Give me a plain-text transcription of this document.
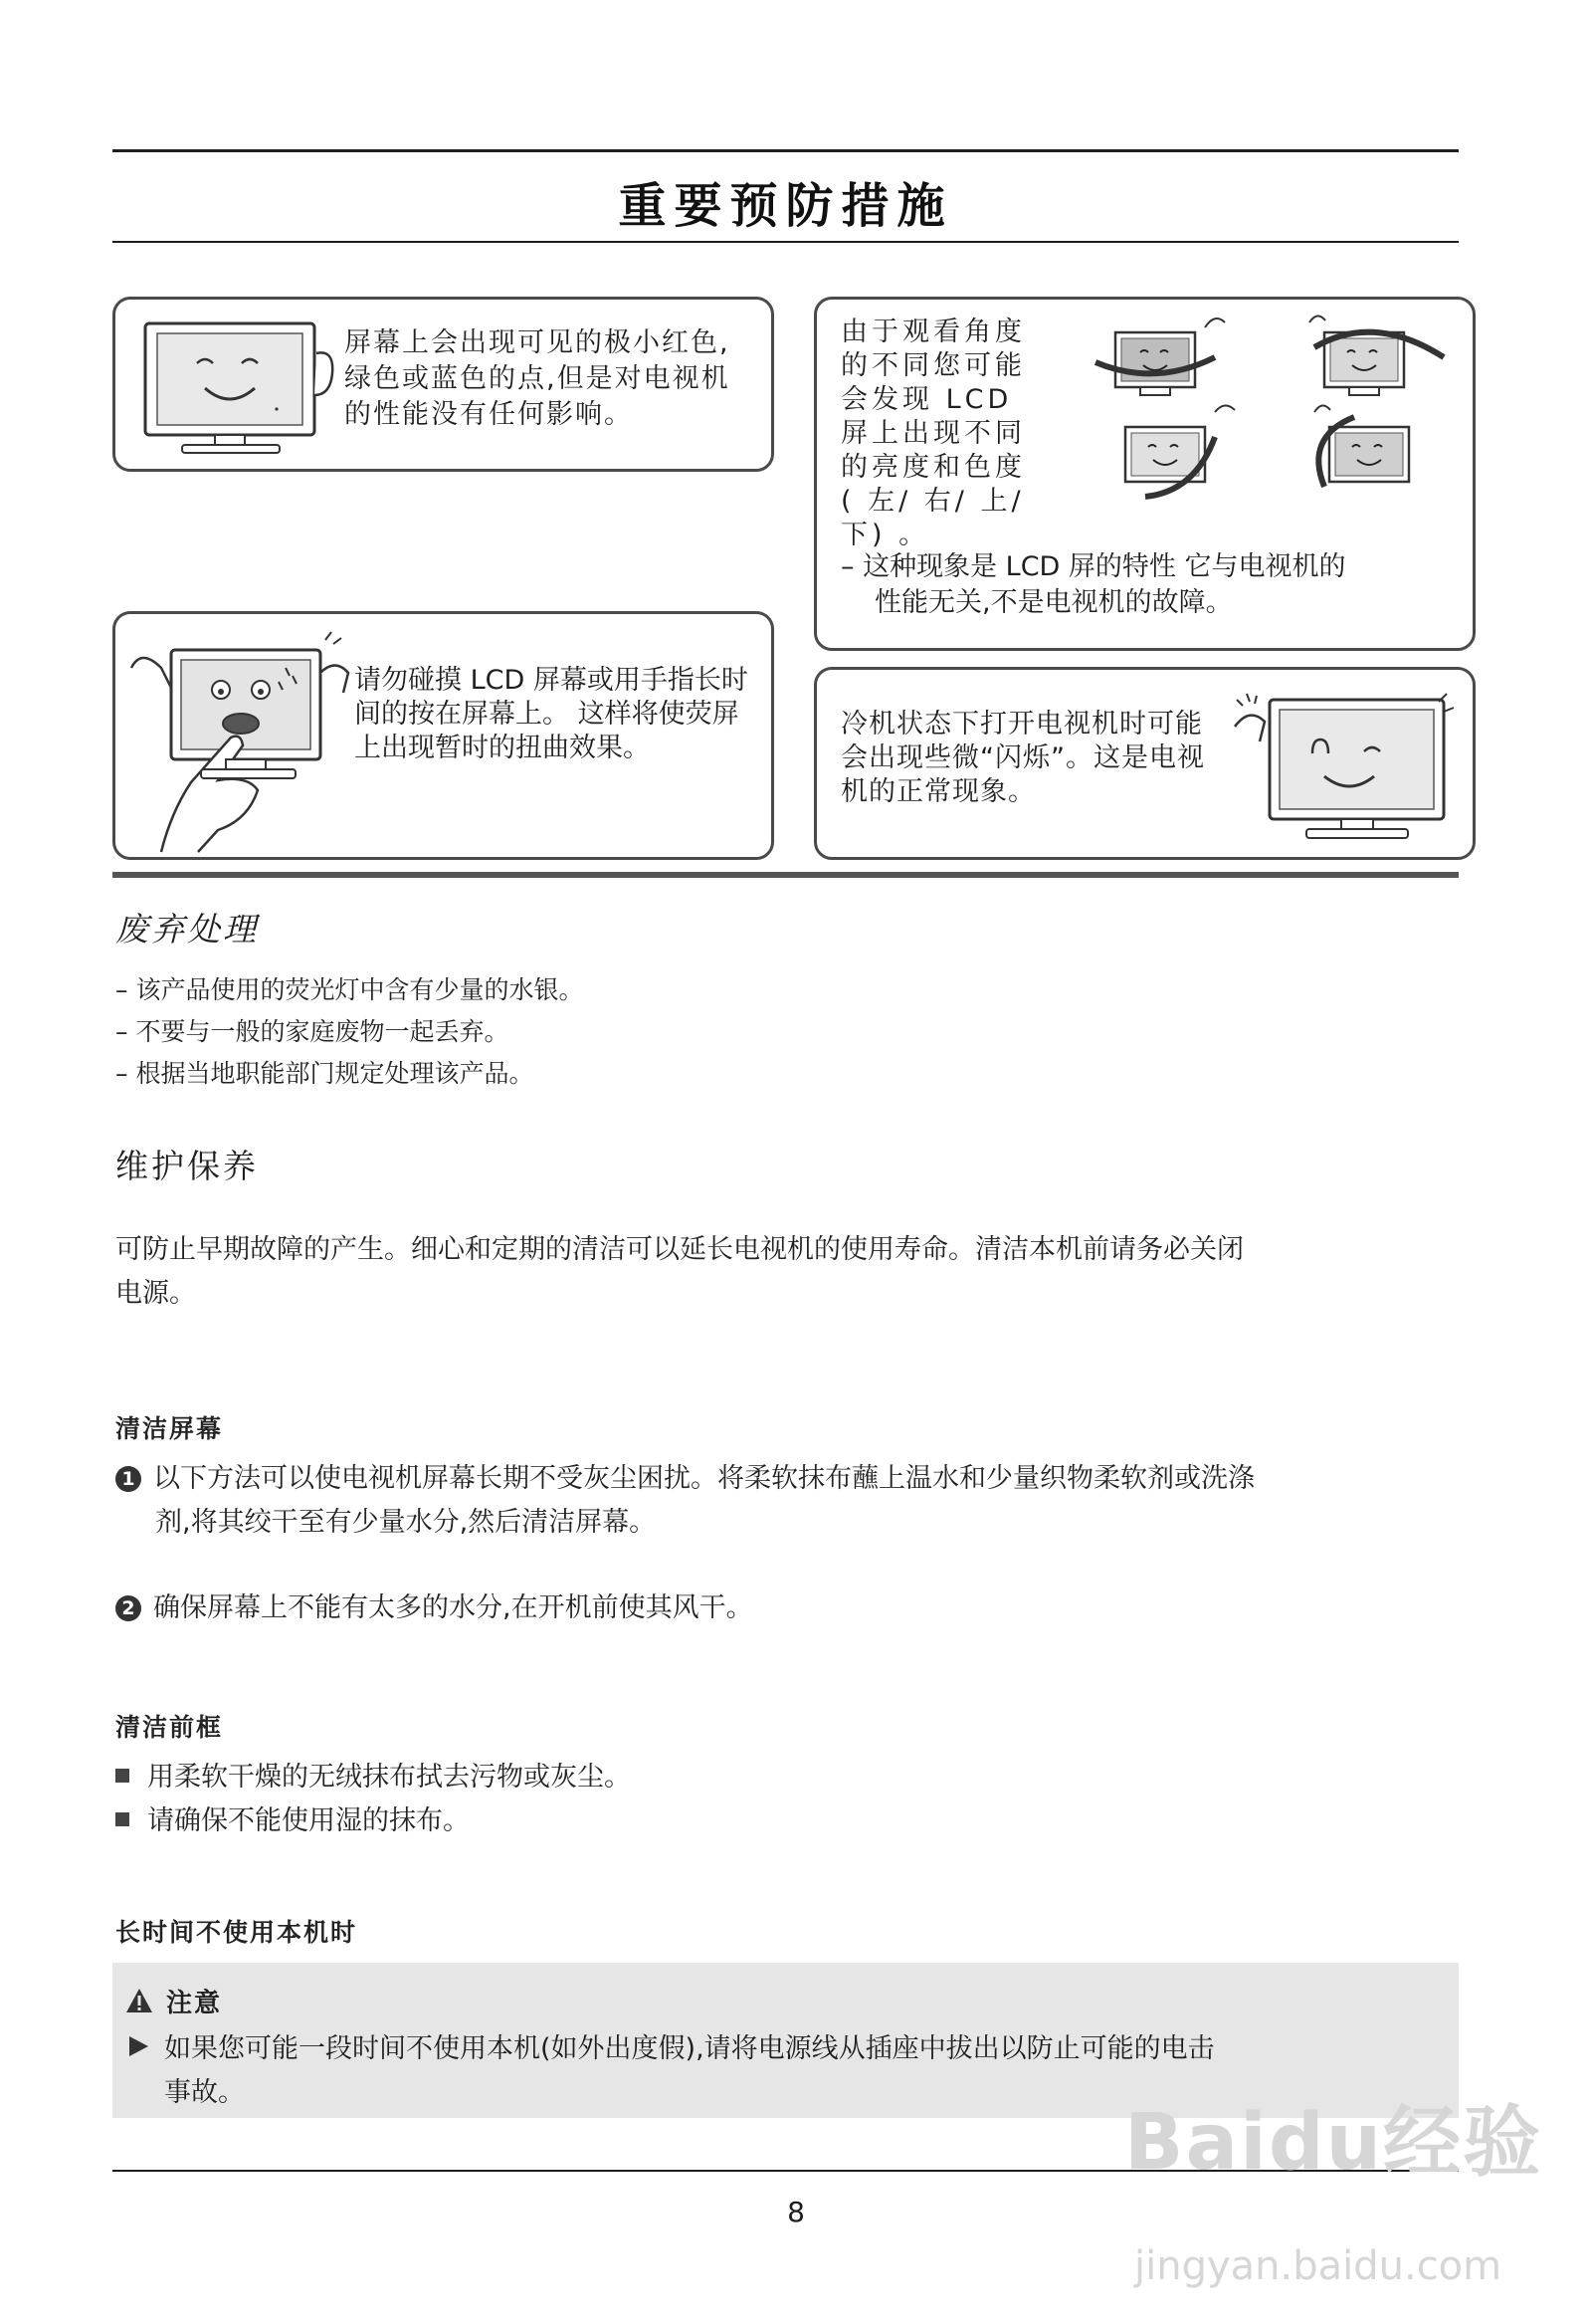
重要预防措施
屏幕上会出现可见的极小红色,绿色或蓝色的点,但是对电视机的性能没有任何影响。
由于观看角度
的不同您可能
会发现 LCD
屏上出现不同
的亮度和色度
( 左/ 右/ 上/
下) 。
– 这种现象是 LCD 屏的特性 它与电视机的
性能无关,不是电视机的故障。
请勿碰摸 LCD 屏幕或用手指长时间的按在屏幕上。 这样将使荧屏上出现暂时的扭曲效果。
冷机状态下打开电视机时可能会出现些微“闪烁”。这是电视机的正常现象。
废弃处理
– 该产品使用的荧光灯中含有少量的水银。
– 不要与一般的家庭废物一起丢弃。
– 根据当地职能部门规定处理该产品。
维护保养
可防止早期故障的产生。细心和定期的清洁可以延长电视机的使用寿命。清洁本机前请务必关闭
电源。
清洁屏幕
1 以下方法可以使电视机屏幕长期不受灰尘困扰。将柔软抹布蘸上温水和少量织物柔软剂或洗涤
剂,将其绞干至有少量水分,然后清洁屏幕。
2 确保屏幕上不能有太多的水分,在开机前使其风干。
清洁前框
用柔软干燥的无绒抹布拭去污物或灰尘。
请确保不能使用湿的抹布。
长时间不使用本机时
注意
如果您可能一段时间不使用本机(如外出度假),请将电源线从插座中拔出以防止可能的电击
事故。
8
Baidu经验
jingyan.baidu.com
